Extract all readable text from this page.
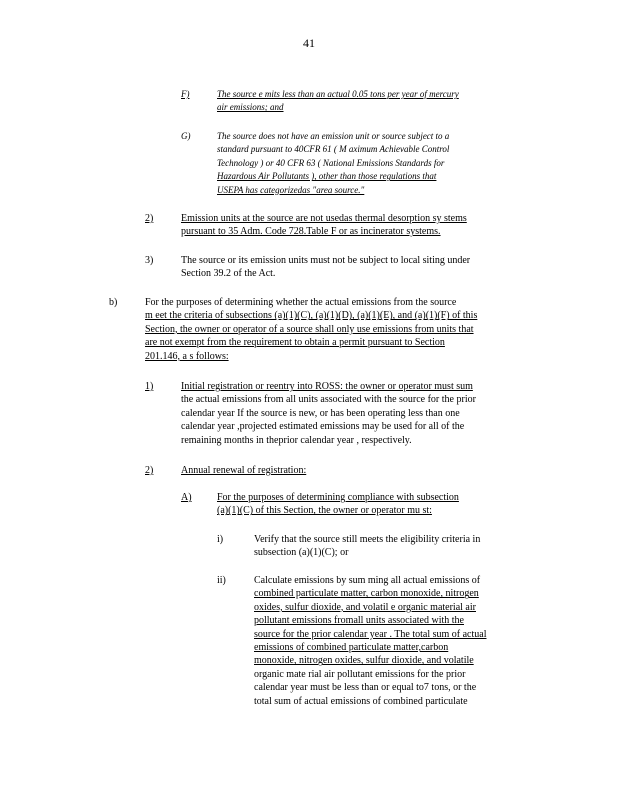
41
F)	The source e mits less than an actual 0.05 tons per year of mercury
air emissions; and
G)	The source does not have an emission unit or source subject to a
standard pursuant to 40CFR 61 ( M aximum Achievable Control
Technology ) or 40 CFR 63 ( National Emissions Standards for
Hazardous Air Pollutants ), other than those regulations that
USEPA has categorizedas "area source."
2)	Emission units at the source are not usedas thermal desorption sy stems
pursuant to 35 Adm. Code 728.Table F or as incinerator systems.
3)	The source or its emission units must not be subject to local siting under
Section 39.2 of the Act.
b)	For the purposes of determining whether the actual emissions from the source
m eet the criteria of subsections (a)(1)(C), (a)(1)(D), (a)(1)(E), and (a)(1)(F) of this
Section, the owner or operator of a source shall only use emissions from units that
are not exempt from the requirement to obtain a permit pursuant to Section
201.146, a s follows:
1)	Initial registration or reentry into ROSS: the owner or operator must sum
the actual emissions from all units associated with the source for the prior
calendar year If the source is new, or has been operating less than one
calendar year ,projected estimated emissions may be used for all of the
remaining months in theprior calendar year , respectively.
2)	Annual renewal of registration:
A)	For the purposes of determining compliance with subsection
(a)(1)(C) of this Section, the owner or operator mu st:
i)	Verify that the source still meets the eligibility criteria in
subsection (a)(1)(C); or
ii)	Calculate emissions by sum ming all actual emissions of
combined particulate matter, carbon monoxide, nitrogen
oxides, sulfur dioxide, and volatil e organic material air
pollutant emissions fromall units associated with the
source for the prior calendar year . The total sum of actual
emissions of combined particulate matter,carbon
monoxide, nitrogen oxides, sulfur dioxide, and volatile
organic mate rial air pollutant emissions for the prior
calendar year must be less than or equal to7 tons, or the
total sum of actual emissions of combined particulate
